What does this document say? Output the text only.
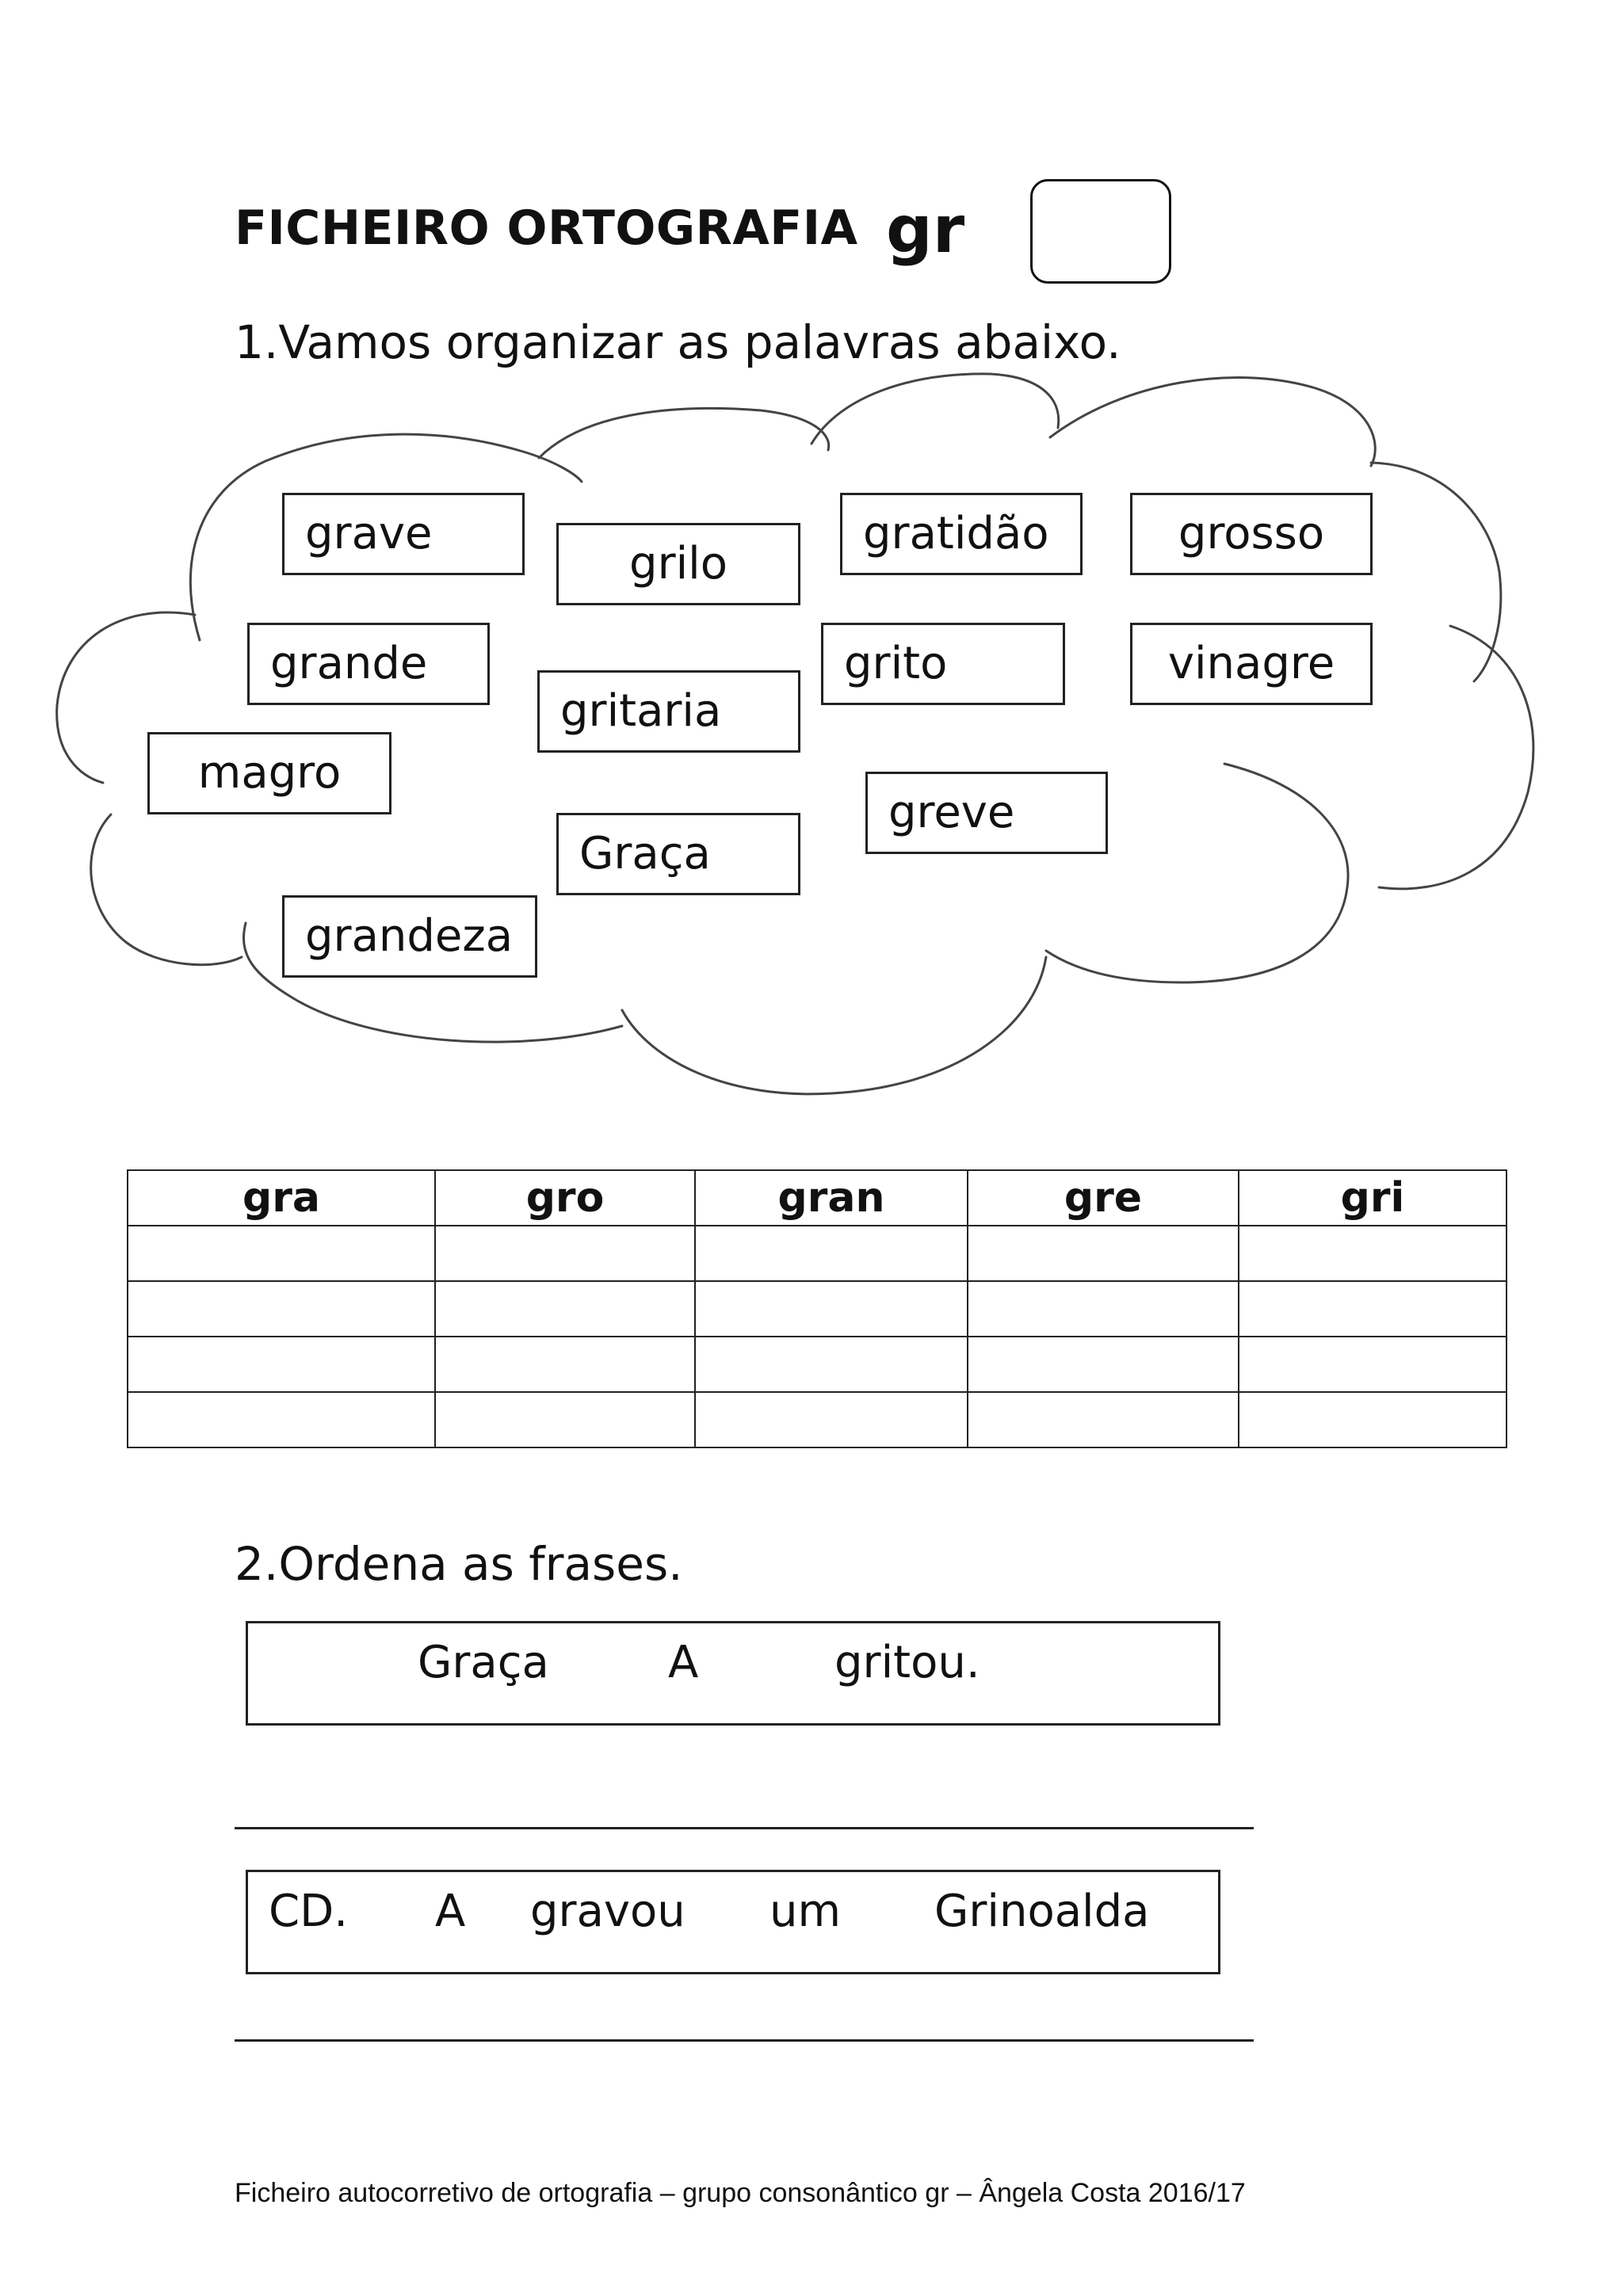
FICHEIRO ORTOGRAFIA gr
1.Vamos organizar as palavras abaixo.
grave
grilo
gratidão	grosso
grande
gritaria
grito	vinagre
magro
greve
Graça
grandeza
gra	gro	gran	gre	gri

2.Ordena as frases.
Graça	A	gritou.
CD. A gravou um Grinoalda
Ficheiro autocorretivo de ortografia – grupo consonântico gr – Ângela Costa 2016/17
